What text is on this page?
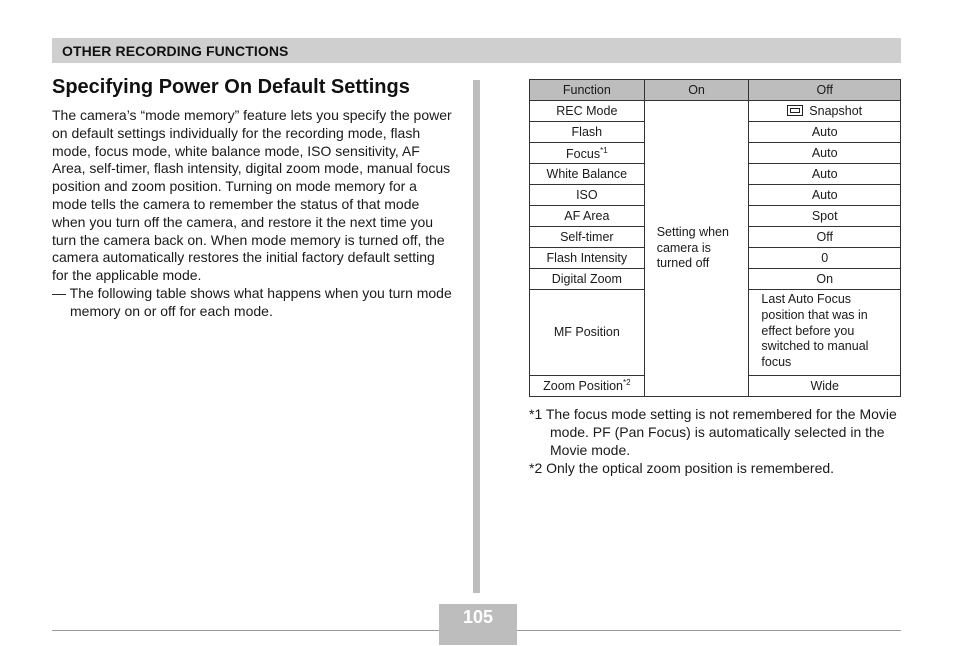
OTHER RECORDING FUNCTIONS
Specifying Power On Default Settings

The camera’s “mode memory” feature lets you specify the power on default settings individually for the recording mode, flash mode, focus mode, white balance mode, ISO sensitivity, AF Area, self-timer, flash intensity, digital zoom mode, manual focus position and zoom position. Turning on mode memory for a mode tells the camera to remember the status of that mode when you turn off the camera, and restore it the next time you turn the camera back on. When mode memory is turned off, the camera automatically restores the initial factory default setting for the applicable mode.

— The following table shows what happens when you turn mode memory on or off for each mode.

Function	On	Off
REC Mode	Setting when camera is turned off	Snapshot
Flash		Auto
Focus$^{*1}$		Auto
White Balance		Auto
ISO		Auto
AF Area		Spot
Self-timer		Off
Flash Intensity		0
Digital Zoom		On
MF Position		Last Auto Focus position that was in effect before you switched to manual focus
Zoom Position$^{*2}$		Wide

*1 The focus mode setting is not remembered for the Movie mode. PF (Pan Focus) is automatically selected in the Movie mode.

*2 Only the optical zoom position is remembered.

105
